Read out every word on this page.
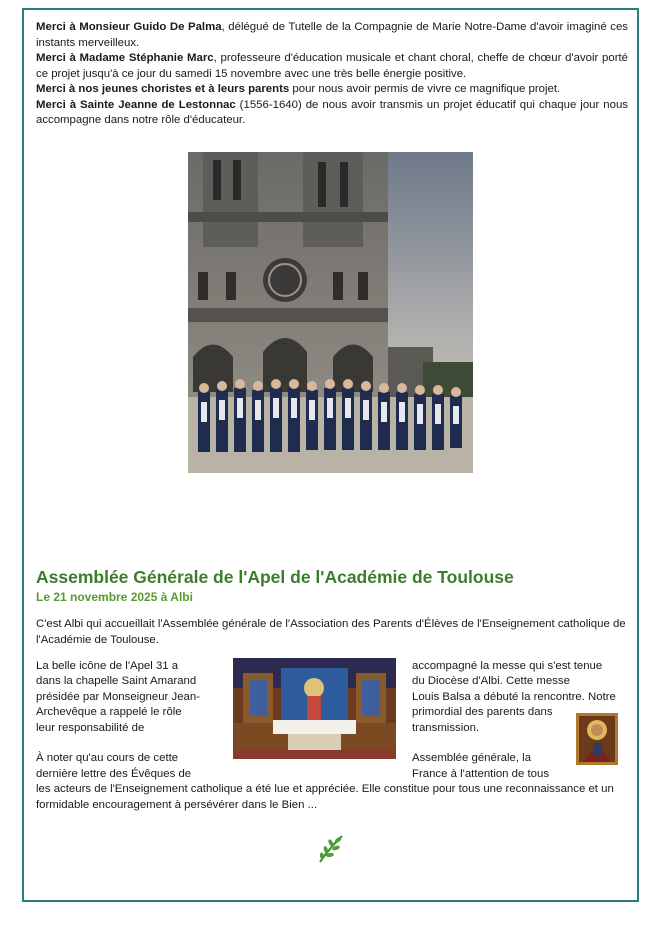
Merci à Monsieur Guido De Palma, délégué de Tutelle de la Compagnie de Marie Notre-Dame d'avoir imaginé ces instants merveilleux.

Merci à Madame Stéphanie Marc, professeure d'éducation musicale et chant choral, cheffe de chœur d'avoir porté ce projet jusqu'à ce jour du samedi 15 novembre avec une très belle énergie positive.

Merci à nos jeunes choristes et à leurs parents pour nous avoir permis de vivre ce magnifique projet.

Merci à Sainte Jeanne de Lestonnac (1556-1640) de nous avoir transmis un projet éducatif qui chaque jour nous accompagne dans notre rôle d'éducateur.

Assemblée Générale de l'Apel de l'Académie de Toulouse
Le 21 novembre 2025 à Albi

C'est Albi qui accueillait l'Assemblée générale de l'Association des Parents d'Élèves de l'Enseignement catholique de l'Académie de Toulouse.

La belle icône de l'Apel 31 a

dans la chapelle Saint Amarand

présidée par Monseigneur Jean-

Archevêque a rappelé le rôle

leur responsabilité de

accompagné la messe qui s'est tenue

du Diocèse d'Albi. Cette messe

Louis Balsa a débuté la rencontre. Notre

primordial des parents dans

transmission.

À noter qu'au cours de cette

dernière lettre des Évêques de

Assemblée générale, la

France à l'attention de tous

les acteurs de l'Enseignement catholique a été lue et appréciée. Elle constitue pour tous une reconnaissance et un formidable encouragement à persévérer dans le Bien ...
